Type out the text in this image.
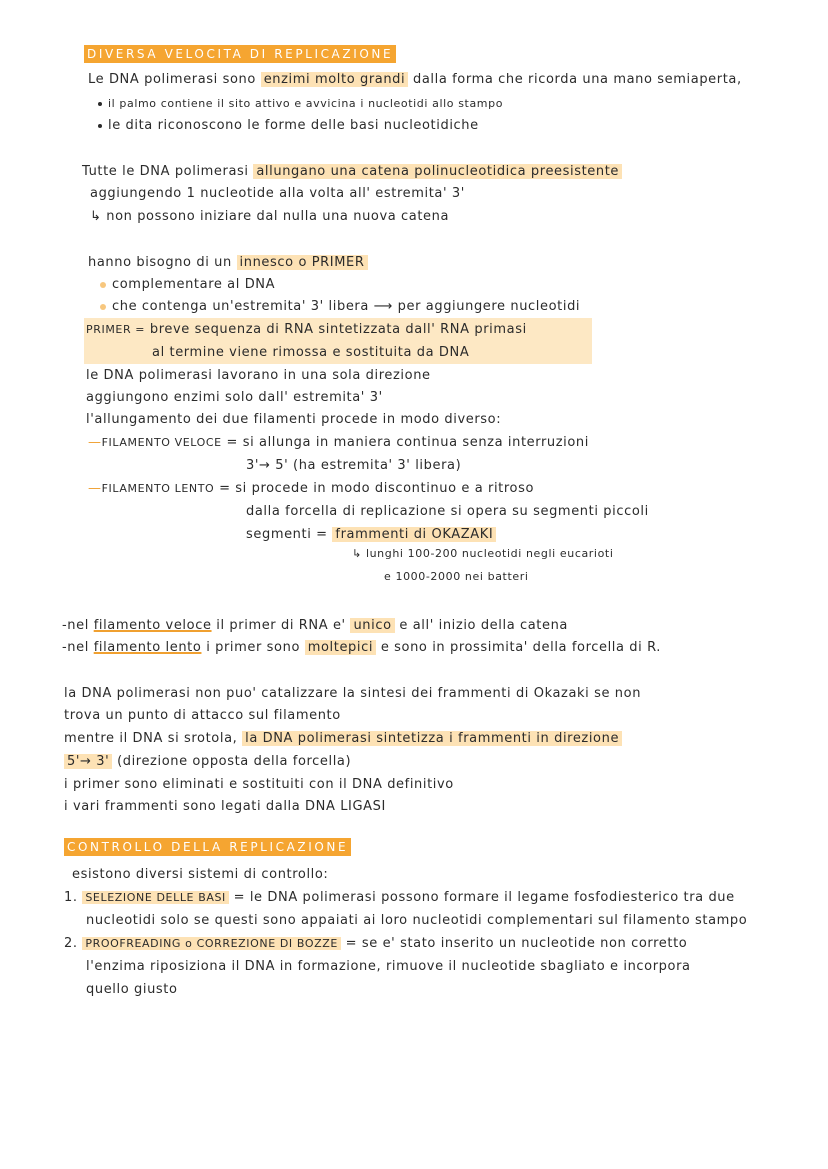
DIVERSA VELOCITA DI REPLICAZIONE
Le DNA polimerasi sono enzimi molto grandi dalla forma che ricorda una mano semiaperta,
il palmo contiene il sito attivo e avvicina i nucleotidi allo stampo
le dita riconoscono le forme delle basi nucleotidiche
Tutte le DNA polimerasi allungano una catena polinucleotidica preesistente
aggiungendo 1 nucleotide alla volta all' estremita' 3'
↳ non possono iniziare dal nulla una nuova catena
hanno bisogno di un innesco o PRIMER
complementare al DNA
che contenga un'estremita' 3' libera ⟶ per aggiungere nucleotidi
PRIMER = breve sequenza di RNA sintetizzata dall' RNA primasi
al termine viene rimossa e sostituita da DNA
le DNA polimerasi lavorano in una sola direzione
aggiungono enzimi solo dall' estremita' 3'
l'allungamento dei due filamenti procede in modo diverso:
—FILAMENTO VELOCE = si allunga in maniera continua senza interruzioni
3'→ 5' (ha estremita' 3' libera)
—FILAMENTO LENTO = si procede in modo discontinuo e a ritroso
dalla forcella di replicazione si opera su segmenti piccoli
segmenti = frammenti di OKAZAKI
↳ lunghi 100-200 nucleotidi negli eucarioti
e 1000-2000 nei batteri
-nel filamento veloce il primer di RNA e' unico e all' inizio della catena
-nel filamento lento i primer sono moltepici e sono in prossimita' della forcella di R.
la DNA polimerasi non puo' catalizzare la sintesi dei frammenti di Okazaki se non
trova un punto di attacco sul filamento
mentre il DNA si srotola, la DNA polimerasi sintetizza i frammenti in direzione
5'→ 3' (direzione opposta della forcella)
i primer sono eliminati e sostituiti con il DNA definitivo
i vari frammenti sono legati dalla DNA LIGASI
CONTROLLO DELLA REPLICAZIONE
esistono diversi sistemi di controllo:
1. SELEZIONE DELLE BASI = le DNA polimerasi possono formare il legame fosfodiesterico tra due
nucleotidi solo se questi sono appaiati ai loro nucleotidi complementari sul filamento stampo
2. PROOFREADING o CORREZIONE DI BOZZE = se e' stato inserito un nucleotide non corretto
l'enzima riposiziona il DNA in formazione, rimuove il nucleotide sbagliato e incorpora
quello giusto
